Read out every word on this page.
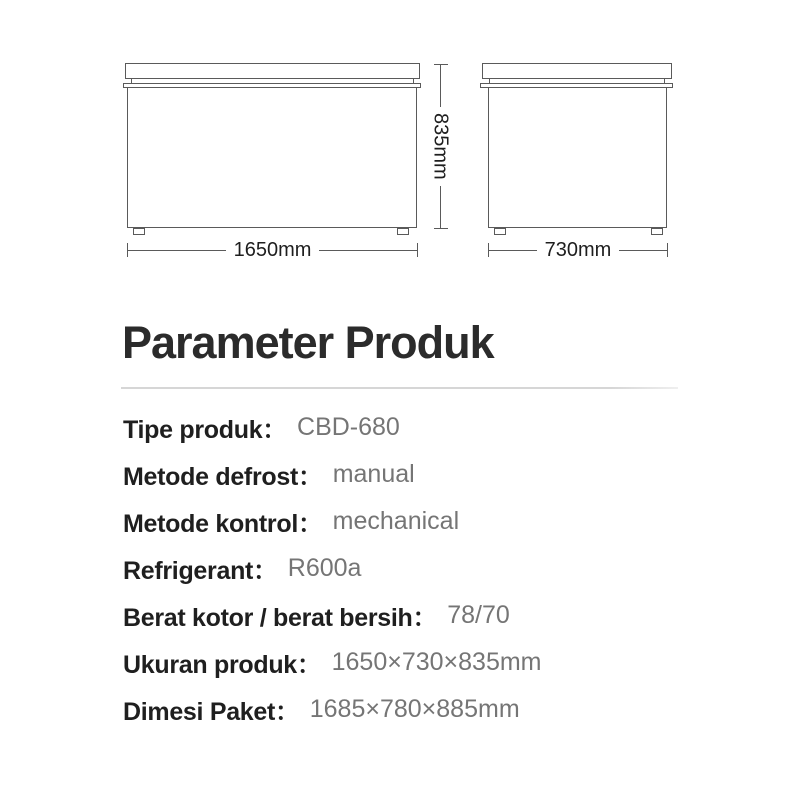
1650mm
835mm
730mm
Parameter Produk
Tipe produk： CBD-680
Metode defrost： manual
Metode kontrol： mechanical
Refrigerant： R600a
Berat kotor / berat bersih： 78/70
Ukuran produk： 1650×730×835mm
Dimesi Paket： 1685×780×885mm
